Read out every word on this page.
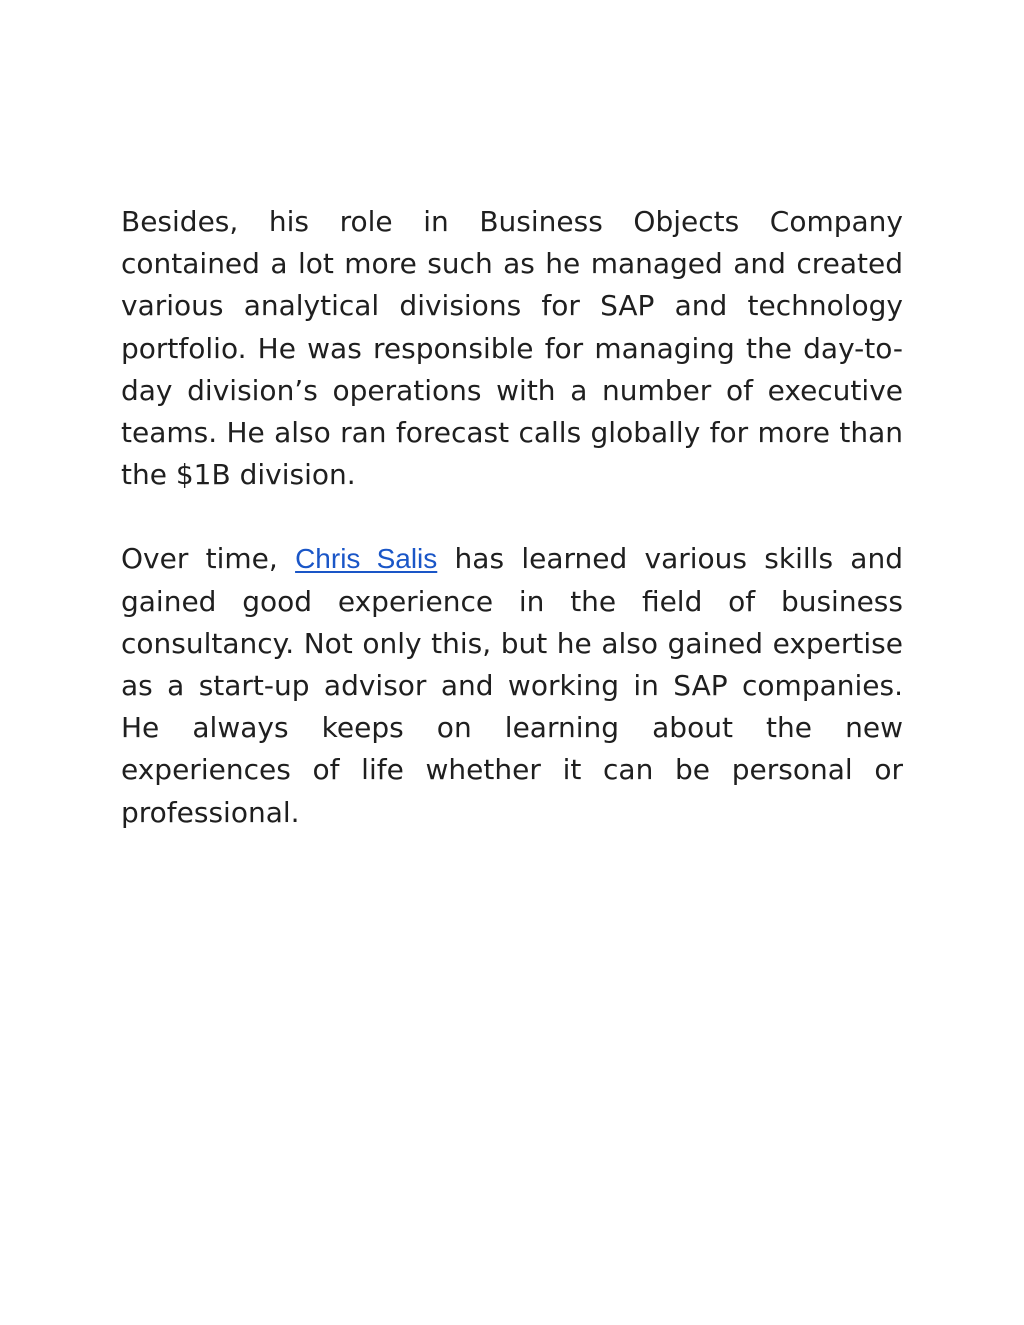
Besides, his role in Business Objects Company contained a lot more such as he managed and created various analytical divisions for SAP and technology portfolio. He was responsible for managing the day-to-day division’s operations with a number of executive teams. He also ran forecast calls globally for more than the $1B division.

Over time, Chris Salis has learned various skills and gained good experience in the field of business consultancy. Not only this, but he also gained expertise as a start-up advisor and working in SAP companies. He always keeps on learning about the new experiences of life whether it can be personal or professional.
